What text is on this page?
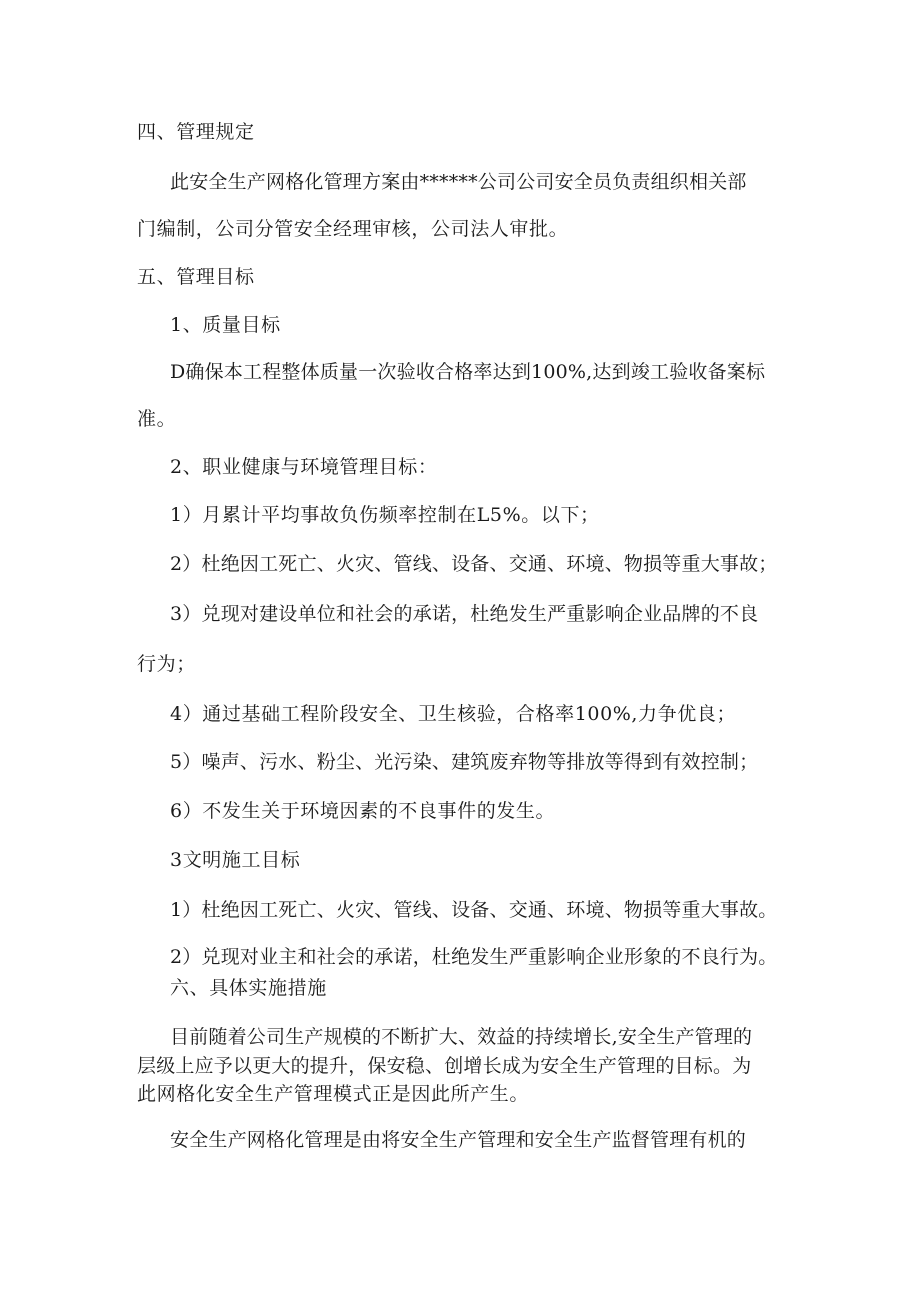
四、管理规定

此安全生产网格化管理方案由******公司公司安全员负责组织相关部

门编制，公司分管安全经理审核，公司法人审批。

五、管理目标

1、质量目标

D确保本工程整体质量一次验收合格率达到100%,达到竣工验收备案标

准。

2、职业健康与环境管理目标：

1）月累计平均事故负伤频率控制在L5%。以下；

2）杜绝因工死亡、火灾、管线、设备、交通、环境、物损等重大事故；

3）兑现对建设单位和社会的承诺，杜绝发生严重影响企业品牌的不良

行为；

4）通过基础工程阶段安全、卫生核验，合格率100%,力争优良；

5）噪声、污水、粉尘、光污染、建筑废弃物等排放等得到有效控制；

6）不发生关于环境因素的不良事件的发生。

3文明施工目标

1）杜绝因工死亡、火灾、管线、设备、交通、环境、物损等重大事故。

2）兑现对业主和社会的承诺，杜绝发生严重影响企业形象的不良行为。

六、具体实施措施

目前随着公司生产规模的不断扩大、效益的持续增长,安全生产管理的

层级上应予以更大的提升，保安稳、创增长成为安全生产管理的目标。为

此网格化安全生产管理模式正是因此所产生。

安全生产网格化管理是由将安全生产管理和安全生产监督管理有机的
